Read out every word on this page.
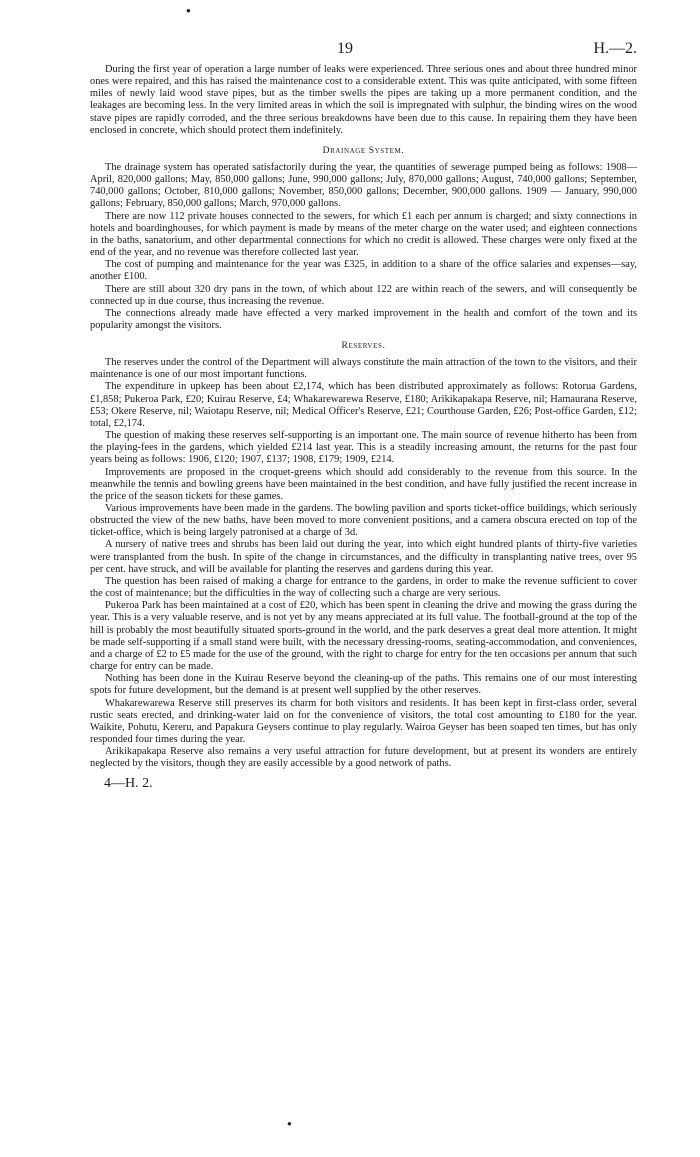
●
19	H.—2.

During the first year of operation a large number of leaks were experienced. Three serious ones and about three hundred minor ones were repaired, and this has raised the maintenance cost to a considerable extent. This was quite anticipated, with some fifteen miles of newly laid wood stave pipes, but as the timber swells the pipes are taking up a more permanent condition, and the leakages are becoming less. In the very limited areas in which the soil is impregnated with sulphur, the binding wires on the wood stave pipes are rapidly corroded, and the three serious breakdowns have been due to this cause. In repairing them they have been enclosed in concrete, which should protect them indefinitely.

Drainage System.

The drainage system has operated satisfactorily during the year, the quantities of sewerage pumped being as follows: 1908—April, 820,000 gallons; May, 850,000 gallons; June, 990,000 gallons; July, 870,000 gallons; August, 740,000 gallons; September, 740,000 gallons; October, 810,000 gallons; November, 850,000 gallons; December, 900,000 gallons. 1909 — January, 990,000 gallons; February, 850,000 gallons; March, 970,000 gallons.

There are now 112 private houses connected to the sewers, for which £1 each per annum is charged; and sixty connections in hotels and boardinghouses, for which payment is made by means of the meter charge on the water used; and eighteen connections in the baths, sanatorium, and other departmental connections for which no credit is allowed. These charges were only fixed at the end of the year, and no revenue was therefore collected last year.

The cost of pumping and maintenance for the year was £325, in addition to a share of the office salaries and expenses—say, another £100.

There are still about 320 dry pans in the town, of which about 122 are within reach of the sewers, and will consequently be connected up in due course, thus increasing the revenue.

The connections already made have effected a very marked improvement in the health and comfort of the town and its popularity amongst the visitors.

Reserves.

The reserves under the control of the Department will always constitute the main attraction of the town to the visitors, and their maintenance is one of our most important functions.

The expenditure in upkeep has been about £2,174, which has been distributed approximately as follows: Rotorua Gardens, £1,858; Pukeroa Park, £20; Kuirau Reserve, £4; Whakarewarewa Reserve, £180; Arikikapakapa Reserve, nil; Hamaurana Reserve, £53; Okere Reserve, nil; Waiotapu Reserve, nil; Medical Officer's Reserve, £21; Courthouse Garden, £26; Post-office Garden, £12; total, £2,174.

The question of making these reserves self-supporting is an important one. The main source of revenue hitherto has been from the playing-fees in the gardens, which yielded £214 last year. This is a steadily increasing amount, the returns for the past four years being as follows: 1906, £120; 1907, £137; 1908, £179; 1909, £214.

Improvements are proposed in the croquet-greens which should add considerably to the revenue from this source. In the meanwhile the tennis and bowling greens have been maintained in the best condition, and have fully justified the recent increase in the price of the season tickets for these games.

Various improvements have been made in the gardens. The bowling pavilion and sports ticket-office buildings, which seriously obstructed the view of the new baths, have been moved to more convenient positions, and a camera obscura erected on top of the ticket-office, which is being largely patronised at a charge of 3d.

A nursery of native trees and shrubs has been laid out during the year, into which eight hundred plants of thirty-five varieties were transplanted from the bush. In spite of the change in circumstances, and the difficulty in transplanting native trees, over 95 per cent. have struck, and will be available for planting the reserves and gardens during this year.

The question has been raised of making a charge for entrance to the gardens, in order to make the revenue sufficient to cover the cost of maintenance; but the difficulties in the way of collecting such a charge are very serious.

Pukeroa Park has been maintained at a cost of £20, which has been spent in cleaning the drive and mowing the grass during the year. This is a very valuable reserve, and is not yet by any means appreciated at its full value. The football-ground at the top of the hill is probably the most beautifully situated sports-ground in the world, and the park deserves a great deal more attention. It might be made self-supporting if a small stand were built, with the necessary dressing-rooms, seating-accommodation, and conveniences, and a charge of £2 to £5 made for the use of the ground, with the right to charge for entry for the ten occasions per annum that such charge for entry can be made.

Nothing has been done in the Kuirau Reserve beyond the cleaning-up of the paths. This remains one of our most interesting spots for future development, but the demand is at present well supplied by the other reserves.

Whakarewarewa Reserve still preserves its charm for both visitors and residents. It has been kept in first-class order, several rustic seats erected, and drinking-water laid on for the convenience of visitors, the total cost amounting to £180 for the year. Waikite, Pohutu, Kereru, and Papakura Geysers continue to play regularly. Wairoa Geyser has been soaped ten times, but has only responded four times during the year.

Arikikapakapa Reserve also remains a very useful attraction for future development, but at present its wonders are entirely neglected by the visitors, though they are easily accessible by a good network of paths.

4—H. 2.
●
